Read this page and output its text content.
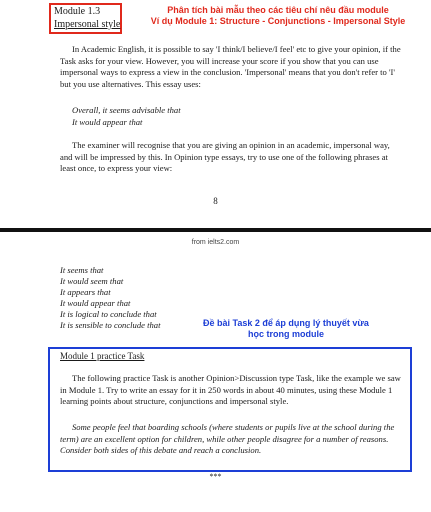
Module 1.3
Impersonal style
Phân tích bài mẫu theo các tiêu chí nêu đầu module
Ví dụ Module 1: Structure - Conjunctions - Impersonal Style
In Academic English, it is possible to say 'I think/I believe/I feel' etc to give your opinion, if the Task asks for your view. However, you will increase your score if you show that you can use impersonal ways to express a view in the conclusion. 'Impersonal' means that you don't refer to 'I' but you use alternatives. This essay uses:
Overall, it seems advisable that
It would appear that
The examiner will recognise that you are giving an opinion in an academic, impersonal way, and will be impressed by this. In Opinion type essays, try to use one of the following phrases at least once, to express your view:
8
from ielts2.com
It seems that
It would seem that
It appears that
It would appear that
It is logical to conclude that
It is sensible to conclude that	Đề bài Task 2 để áp dụng lý thuyết vừa
học trong module
Module 1 practice Task
The following practice Task is another Opinion>Discussion type Task, like the example we saw in Module 1. Try to write an essay for it in 250 words in about 40 minutes, using these Module 1 learning points about structure, conjunctions and impersonal style.
Some people feel that boarding schools (where students or pupils live at the school during the term) are an excellent option for children, while other people disagree for a number of reasons. Consider both sides of this debate and reach a conclusion.
***
